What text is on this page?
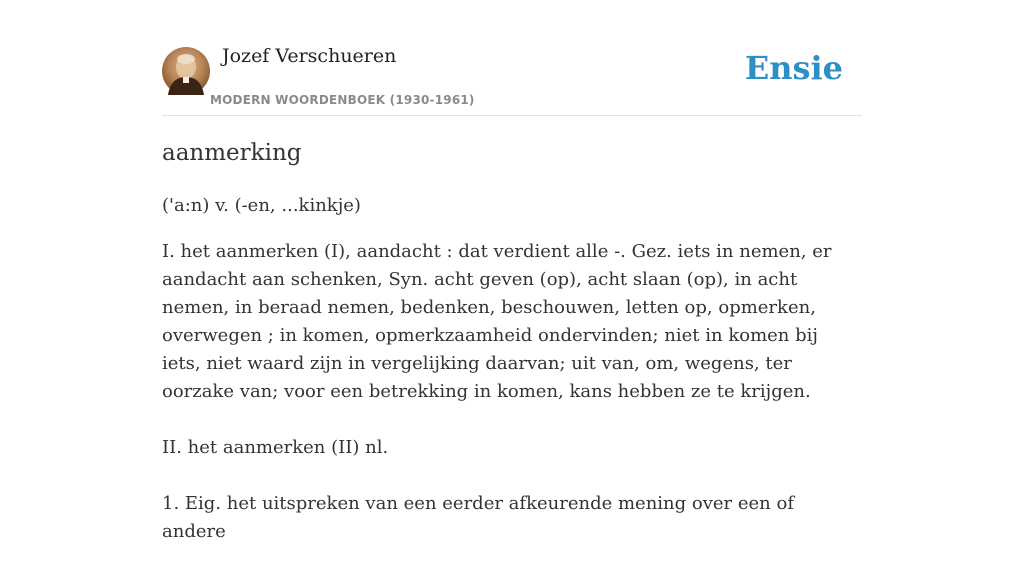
Jozef Verschueren
MODERN WOORDENBOEK (1930-1961)
Ensie
aanmerking

('a:n) v. (-en, ...kinkje)

I. het aanmerken (I), aandacht : dat verdient alle -. Gez. iets in nemen, er aandacht aan schenken, Syn. acht geven (op), acht slaan (op), in acht nemen, in beraad nemen, bedenken, beschouwen, letten op, opmerken, overwegen ; in komen, opmerkzaamheid ondervinden; niet in komen bij iets, niet waard zijn in vergelijking daarvan; uit van, om, wegens, ter oorzake van; voor een betrekking in komen, kans hebben ze te krijgen.

II. het aanmerken (II) nl.

1. Eig. het uitspreken van een eerder afkeurende mening over een of andere
